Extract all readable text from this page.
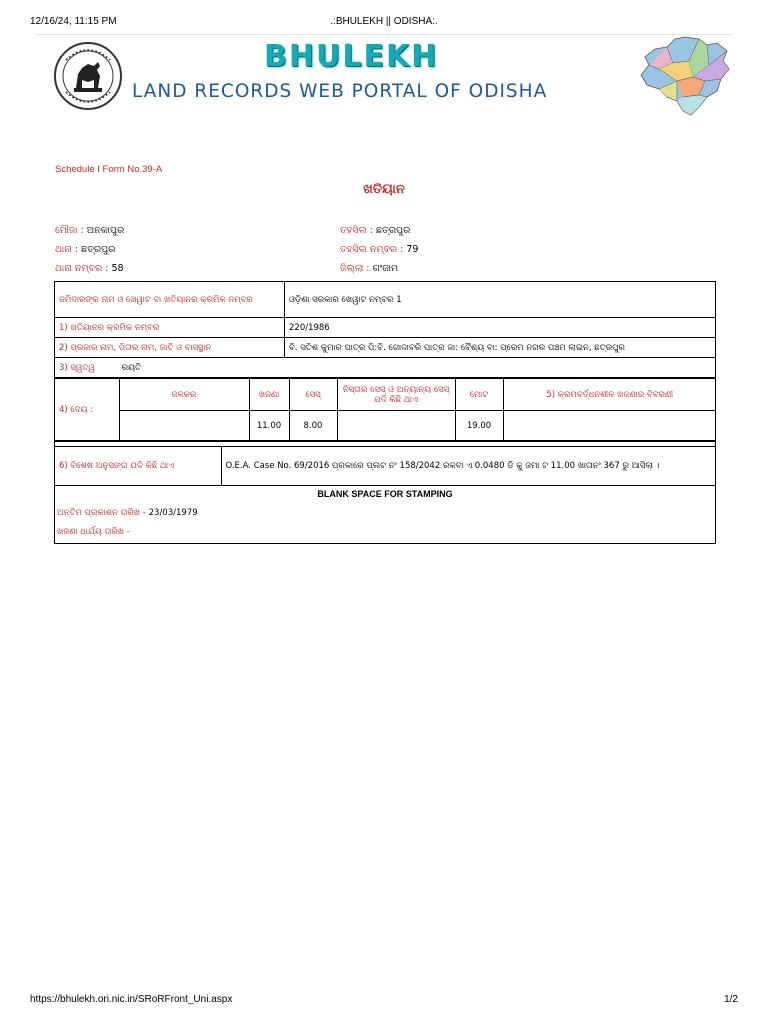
12/16/24, 11:15 PM	.:BHULEKH || ODISHA:.
BHULEKH
LAND RECORDS WEB PORTAL OF ODISHA
Schedule I Form No.39-A
ଖତିୟାନ
ମୌଜା : ଅନକାପୁର	ତହସିଲ : ଛତ୍ରପୁର
ଥାନା : ଛତ୍ରପୁର	ତହସିଲ ନମ୍ବର : 79
ଥାନା ନମ୍ବର : 58	ଜିଲ୍ଲା : ଗଂଜାମ
ଜମିଦାରଙ୍କ ନାମ ଓ ଖେୱାଟ ବା ଖତିୟାନର କ୍ରମିକ ନମ୍ବର	ଓଡ଼ିଶା ସରକାର ଖେୱାଟ ନମ୍ବର 1
1) ଖତିୟାନର କ୍ରମିକ ନମ୍ବର	220/1986
2) ପ୍ରଜାର ନାମ, ପିତାର ନାମ, ଜାତି ଓ ବାସସ୍ଥାନ	ବି. ସତିଶ କୁମାର ପାତ୍ର ପି:ବି. ଗୋଦାବରି ପାତ୍ର ଜା: ବୈଶ୍ୟ ବା: ପ୍ରେମ ନଗର ପଞ୍ଚମ ଲାଇନ, ଛତ୍ରପୁର
3) ସ୍ୱତ୍ୱ	ରୟତି	

4) ଦେୟ :	ଜଳକର	ଖଜଣା	ସେସ୍	ନିସ୍ତାର ସେସ୍ ଓ ଅନ୍ୟାନ୍ୟ ସେସ୍ ଯଦି କିଛି ଥାଏ	ମୋଟ	5) କ୍ରମବର୍ଦ୍ଧନଶୀଳ ଖଜଣାର ବିବରଣୀ
	11.00	8.00		19.00	

6) ବିଶେଷ ଅନୁସଙ୍ଗ ଯଦି କିଛି ଥାଏ	O.E.A. Case No. 69/2016 ପ୍ରକାରେ ପ୍ଲଟ ନଂ 158/2042 ରକବା ଏ 0.0480 ଡି କୁ ଜମା ଟ 11.00 ଖାତାନଂ 367 ରୁ ଆସିଲା ।

BLANK SPACE FOR STAMPING
ଅନ୍ତିମ ପ୍ରକାଶନ ତାରିଖ - 23/03/1979
ଖଜଣା ଧାର୍ଯ୍ୟ ତାରିଖ -
https://bhulekh.ori.nic.in/SRoRFront_Uni.aspx	1/2
